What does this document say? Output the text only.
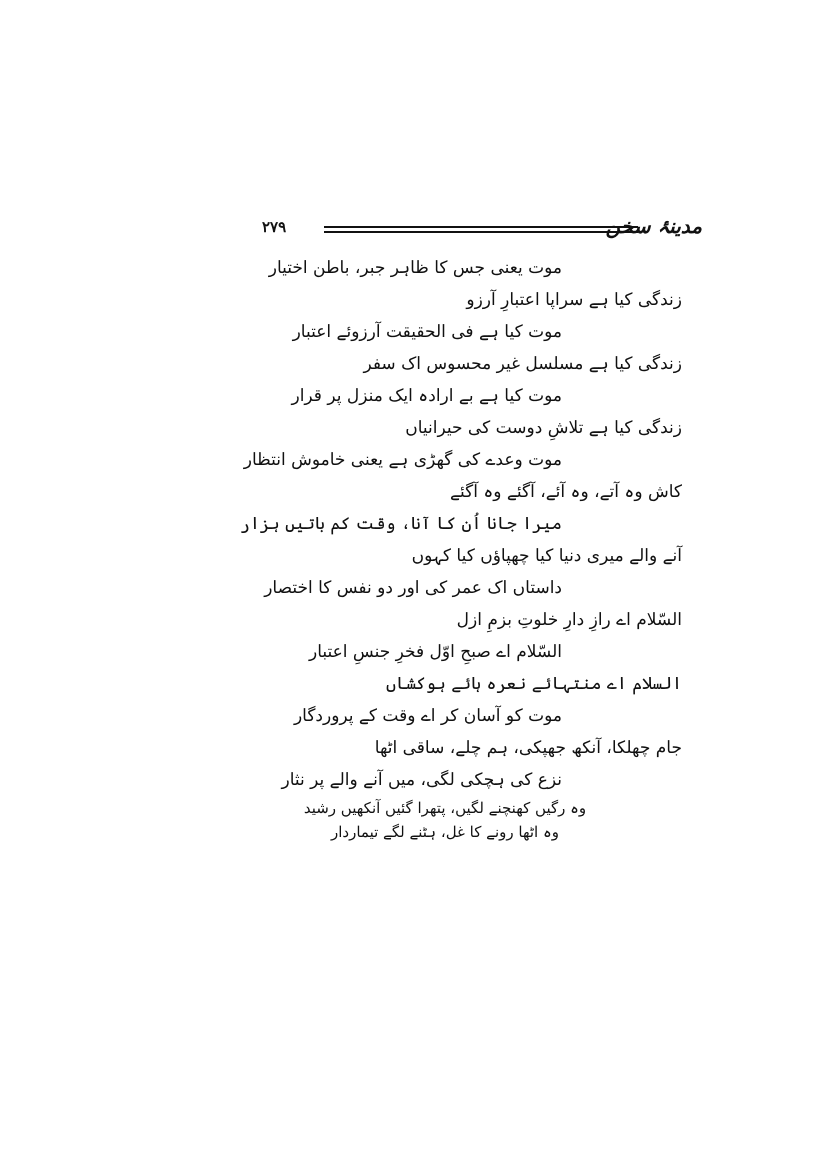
۲۷۹	مدینۂ سخن
موت یعنی جس کا ظاہر جبر، باطن اختیار
زندگی کیا ہے سراپا اعتبارِ آرزو
موت کیا ہے فی الحقیقت آرزوئے اعتبار
زندگی کیا ہے مسلسل غیر محسوس اک سفر
موت کیا ہے بے ارادہ ایک منزل پر قرار
زندگی کیا ہے تلاشِ دوست کی حیرانیاں
موت وعدے کی گھڑی ہے یعنی خاموش انتظار
کاش وہ آتے، وہ آئے، آگئے وہ آگئے
میرا جانا اُن کا آنا، وقت کم باتیں ہزار
آنے والے میری دنیا کیا چھپاؤں کیا کہوں
داستاں اک عمر کی اور دو نفس کا اختصار
السّلام اے رازِ دارِ خلوتِ بزمِ ازل
السّلام اے صبحِ اوّل فخرِ جنسِ اعتبار
السلام اے منتہائے نعرہ ہائے ہوکشاں
موت کو آسان کر اے وقت کے پروردگار
جام چھلکا، آنکھ جھپکی، ہم چلے، ساقی اٹھا
نزع کی ہچکی لگی، میں آنے والے پر نثار
وہ رگیں کھنچنے لگیں، پتھرا گئیں آنکھیں رشید
وہ اٹھا رونے کا غل، ہٹنے لگے تیماردار
